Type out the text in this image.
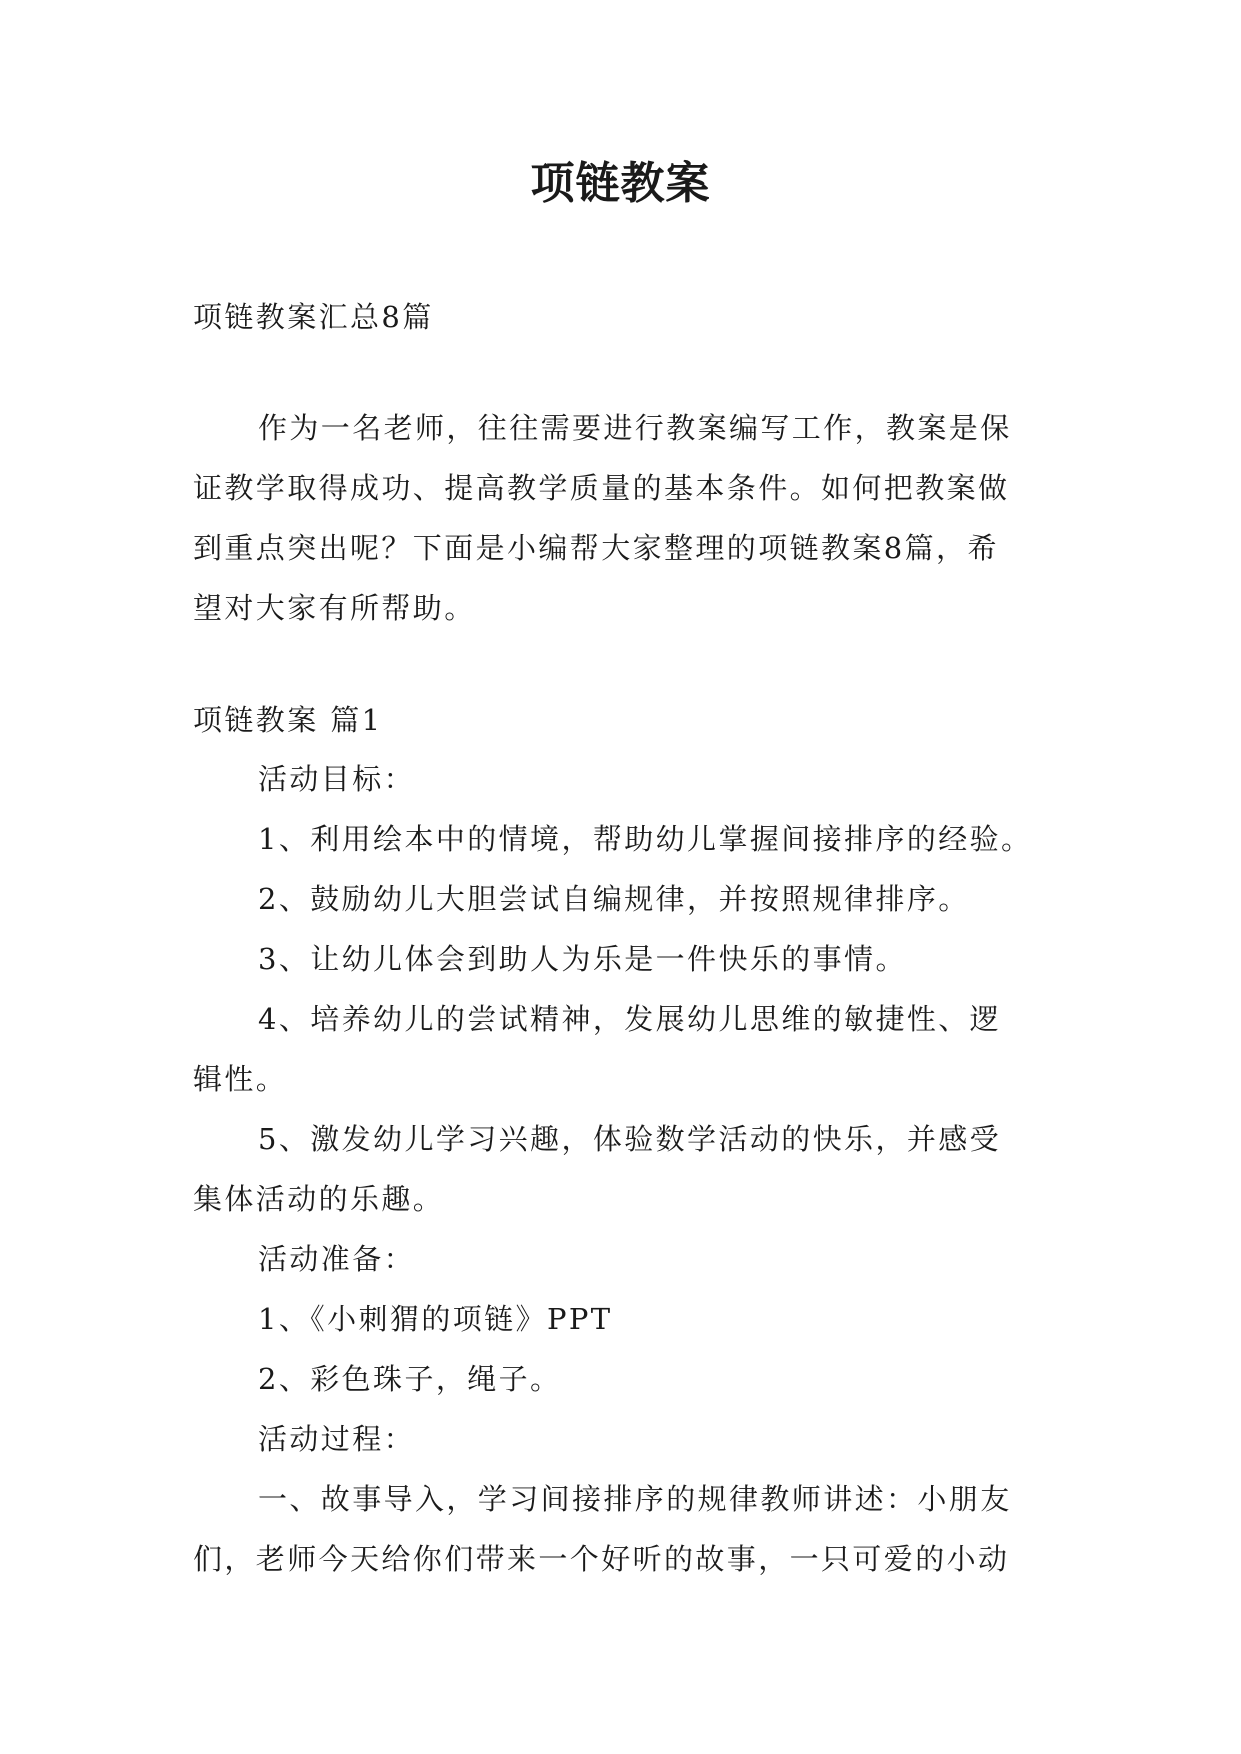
项链教案

项链教案汇总8篇

作为一名老师，往往需要进行教案编写工作，教案是保

证教学取得成功、提高教学质量的基本条件。如何把教案做

到重点突出呢？下面是小编帮大家整理的项链教案8篇，希

望对大家有所帮助。

项链教案 篇1

活动目标：

1、利用绘本中的情境，帮助幼儿掌握间接排序的经验。

2、鼓励幼儿大胆尝试自编规律，并按照规律排序。

3、让幼儿体会到助人为乐是一件快乐的事情。

4、培养幼儿的尝试精神，发展幼儿思维的敏捷性、逻

辑性。

5、激发幼儿学习兴趣，体验数学活动的快乐，并感受

集体活动的乐趣。

活动准备：

1、《小刺猬的项链》PPT

2、彩色珠子，绳子。

活动过程：

一、故事导入，学习间接排序的规律教师讲述：小朋友

们，老师今天给你们带来一个好听的故事，一只可爱的小动
